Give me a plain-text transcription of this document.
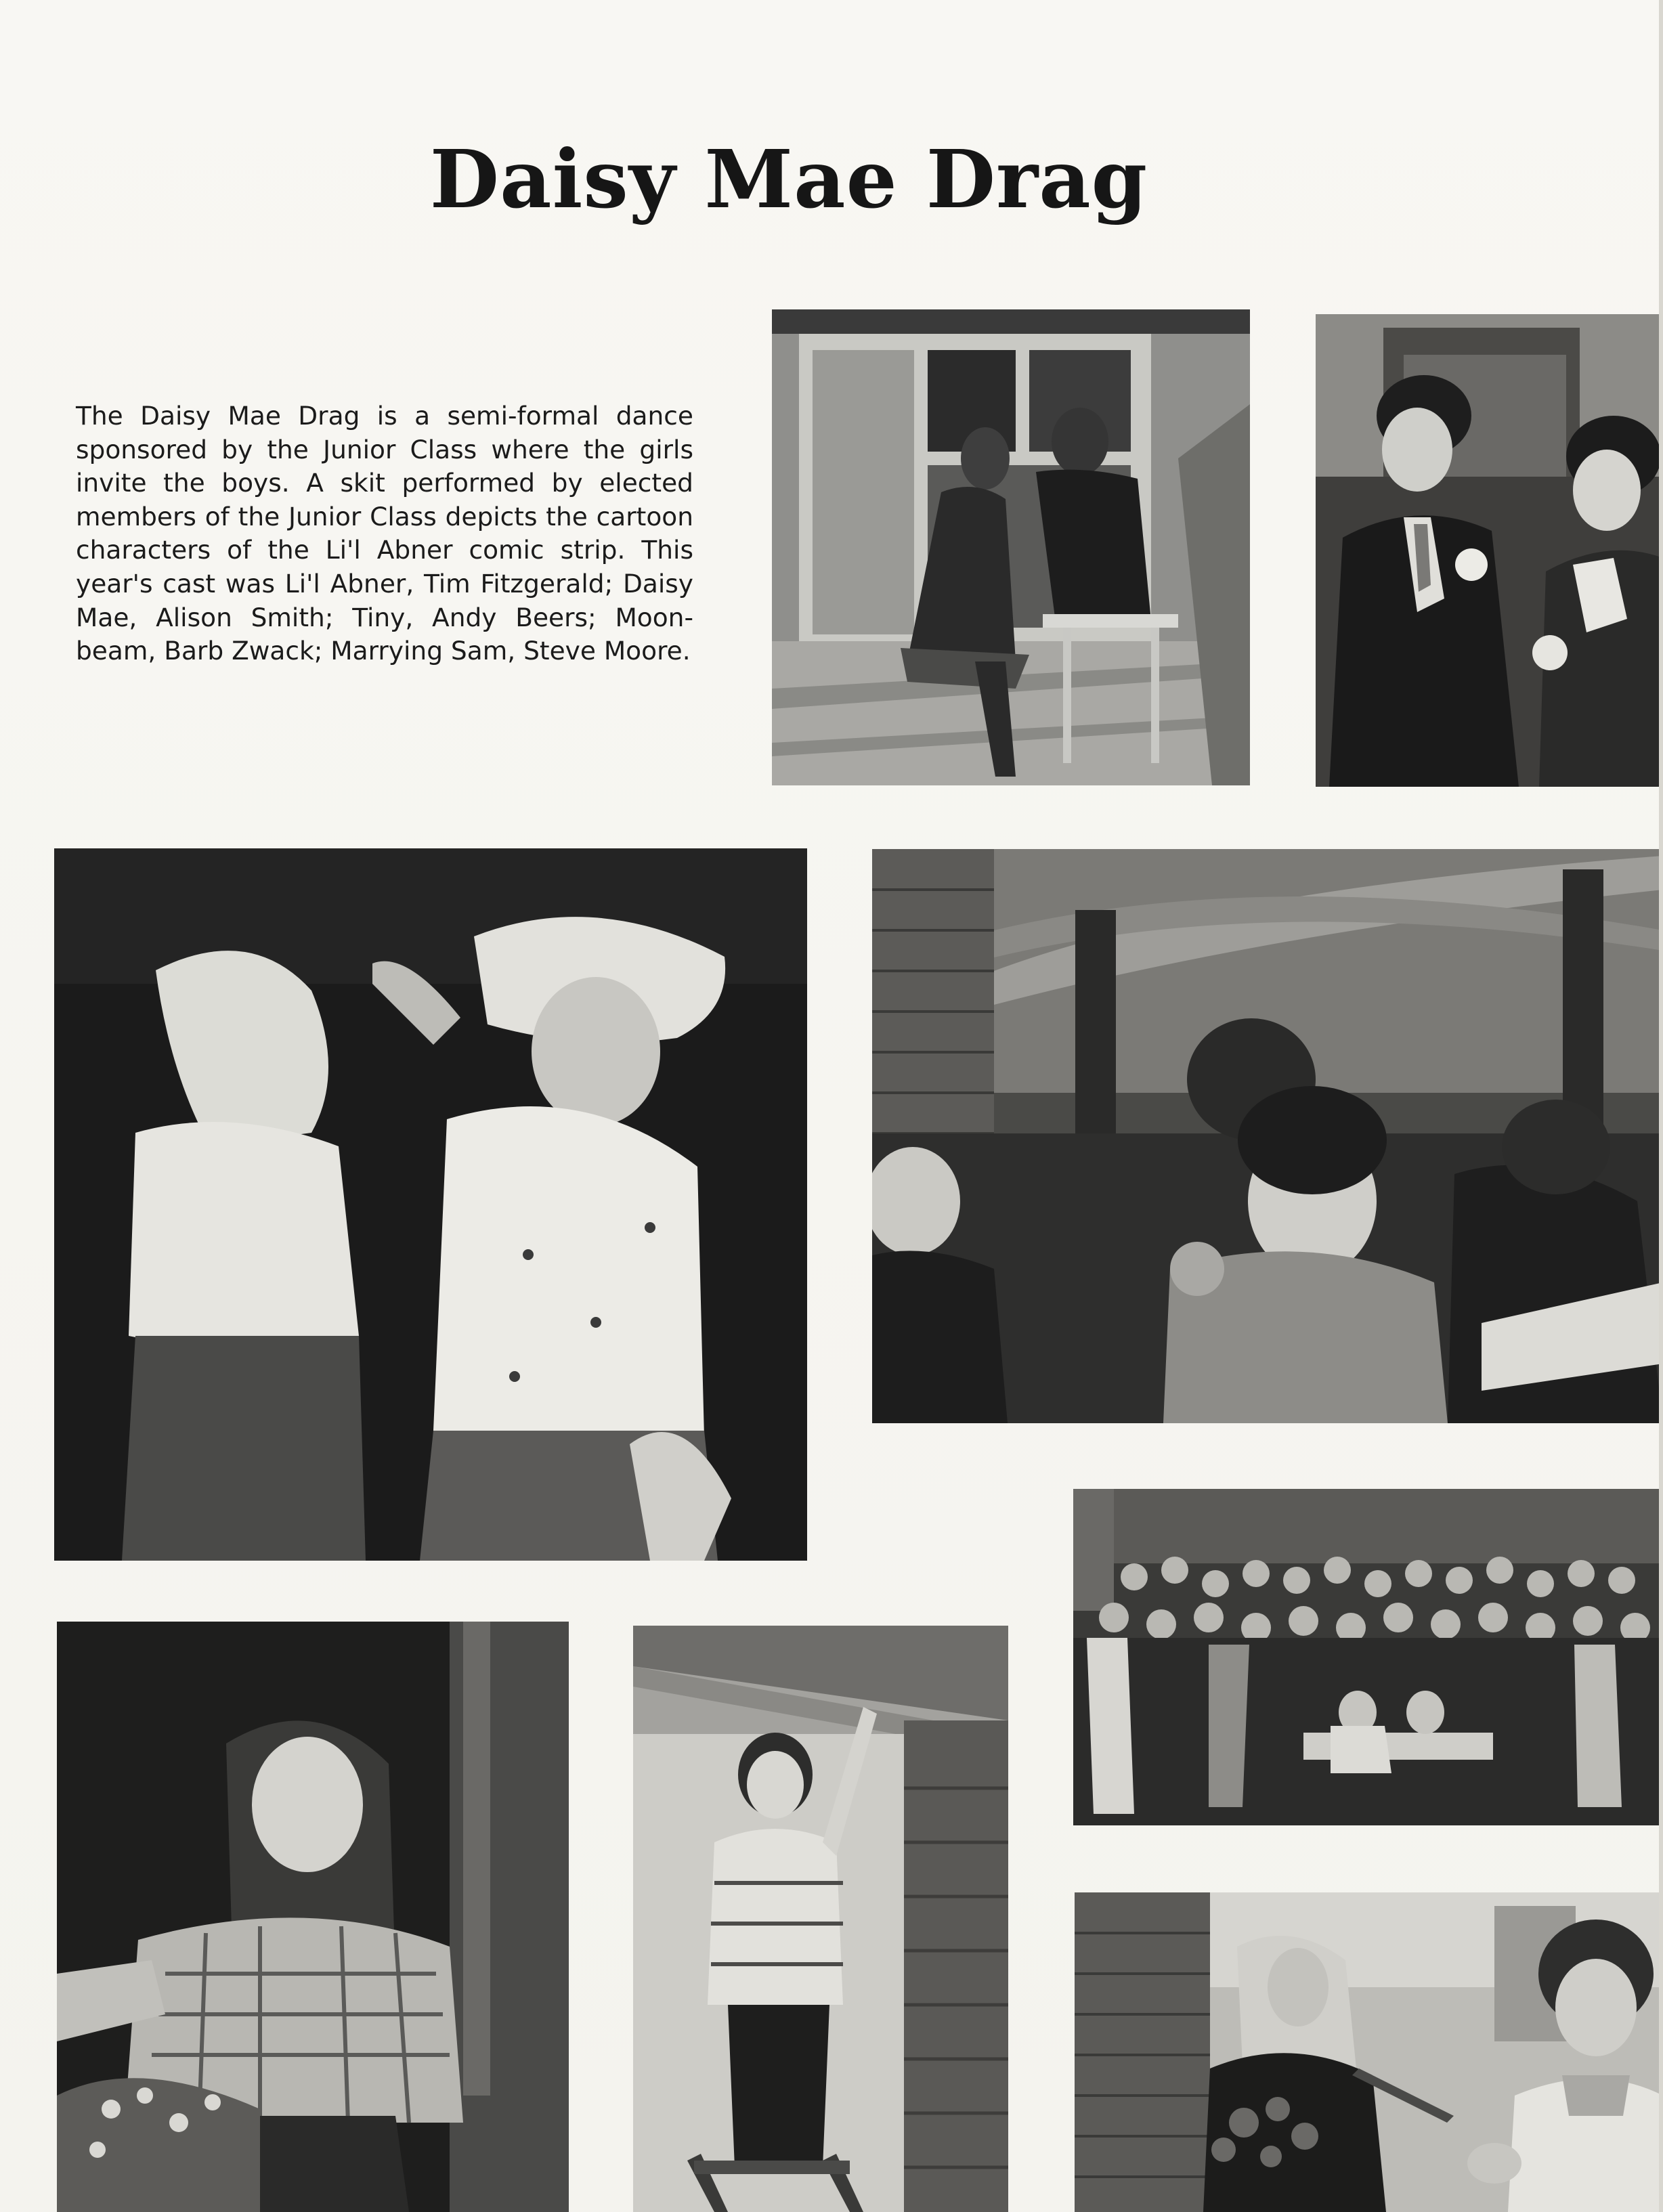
Daisy Mae Drag
The Daisy Mae Drag is a semi-formal dance sponsored by the Junior Class where the girls invite the boys. A skit performed by elected members of the Junior Class depicts the cartoon characters of the Li'l Abner comic strip. This year's cast was Li'l Abner, Tim Fitzgerald; Daisy Mae, Alison Smith; Tiny, Andy Beers; Moon-beam, Barb Zwack; Marrying Sam, Steve Moore.
